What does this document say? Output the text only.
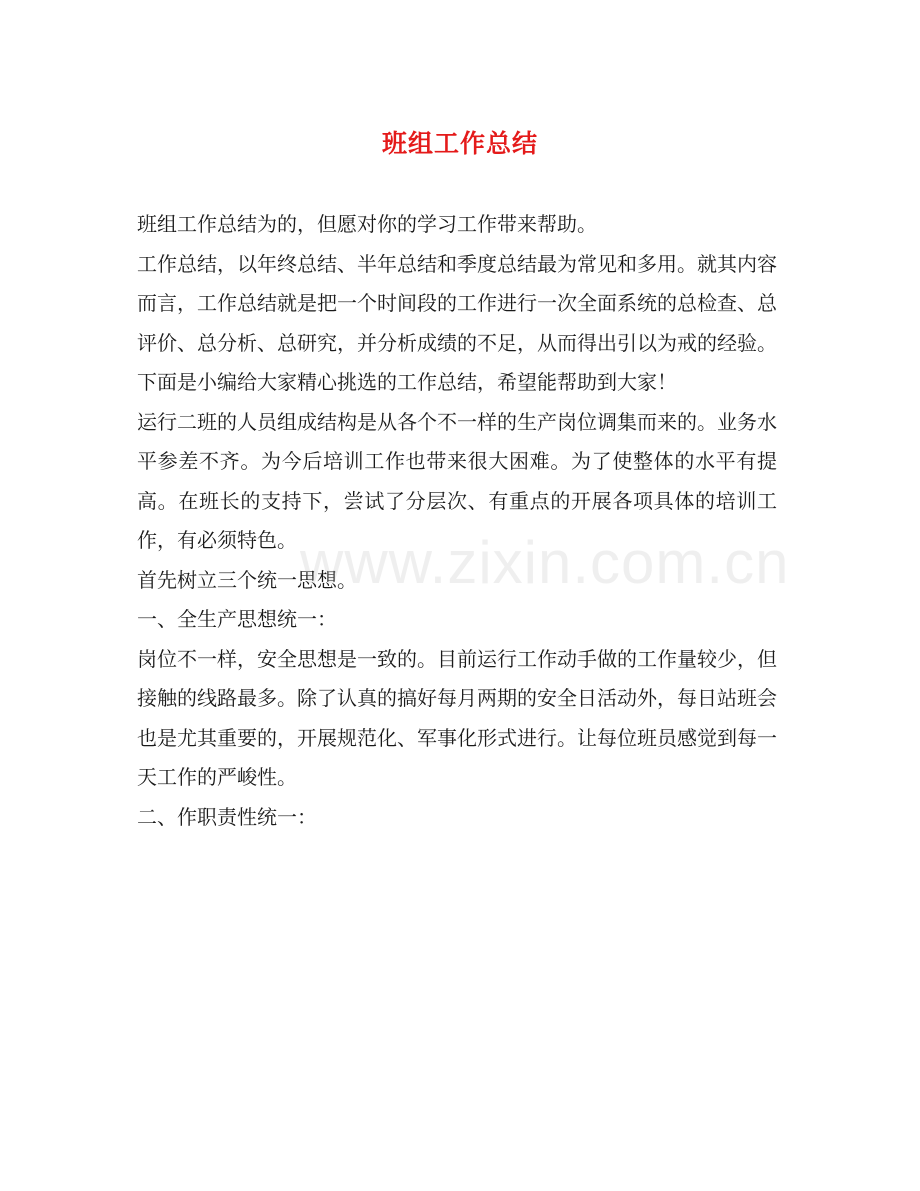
班组工作总结

班组工作总结为的，但愿对你的学习工作带来帮助。

工作总结，以年终总结、半年总结和季度总结最为常见和多用。就其内容而言，工作总结就是把一个时间段的工作进行一次全面系统的总检查、总评价、总分析、总研究，并分析成绩的不足，从而得出引以为戒的经验。下面是小编给大家精心挑选的工作总结，希望能帮助到大家！

运行二班的人员组成结构是从各个不一样的生产岗位调集而来的。业务水平参差不齐。为今后培训工作也带来很大困难。为了使整体的水平有提高。在班长的支持下，尝试了分层次、有重点的开展各项具体的培训工作，有必须特色。

首先树立三个统一思想。

一、全生产思想统一：

岗位不一样，安全思想是一致的。目前运行工作动手做的工作量较少，但接触的线路最多。除了认真的搞好每月两期的安全日活动外，每日站班会也是尤其重要的，开展规范化、军事化形式进行。让每位班员感觉到每一天工作的严峻性。

二、作职责性统一：

www.zixin.com.cn
